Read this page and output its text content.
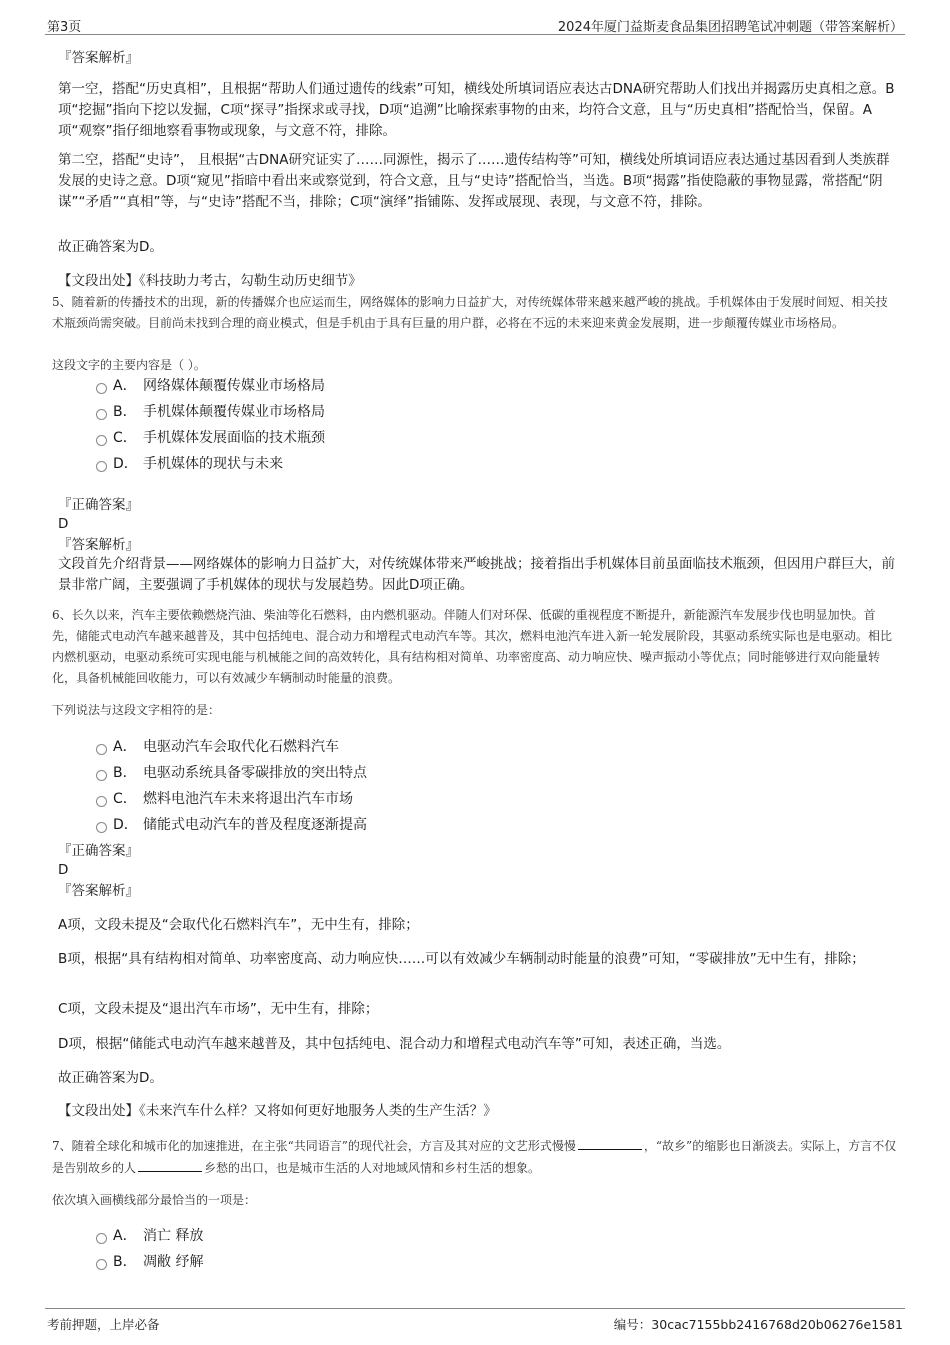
第3页	2024年厦门益斯麦食品集团招聘笔试冲刺题（带答案解析）
『答案解析』
第一空，搭配“历史真相”，且根据“帮助人们通过遗传的线索”可知，横线处所填词语应表达古DNA研究帮助人们找出并揭露历史真相之意。B项“挖掘”指向下挖以发掘，C项“探寻”指探求或寻找，D项“追溯”比喻探索事物的由来，均符合文意，且与“历史真相”搭配恰当，保留。A项“观察”指仔细地察看事物或现象，与文意不符，排除。
第二空，搭配“史诗”， 且根据“古DNA研究证实了……同源性，揭示了……遗传结构等”可知，横线处所填词语应表达通过基因看到人类族群发展的史诗之意。D项“窥见”指暗中看出来或察觉到，符合文意，且与“史诗”搭配恰当，当选。B项“揭露”指使隐蔽的事物显露，常搭配“阴谋”“矛盾”“真相”等，与“史诗”搭配不当，排除；C项“演绎”指铺陈、发挥或展现、表现，与文意不符，排除。
故正确答案为D。
【文段出处】《科技助力考古，勾勒生动历史细节》
5、随着新的传播技术的出现，新的传播媒介也应运而生，网络媒体的影响力日益扩大，对传统媒体带来越来越严峻的挑战。手机媒体由于发展时间短、相关技术瓶颈尚需突破。目前尚未找到合理的商业模式，但是手机由于具有巨量的用户群，必将在不远的未来迎来黄金发展期，进一步颠覆传媒业市场格局。
这段文字的主要内容是（ ）。
A． 网络媒体颠覆传媒业市场格局
B． 手机媒体颠覆传媒业市场格局
C． 手机媒体发展面临的技术瓶颈
D． 手机媒体的现状与未来
『正确答案』
D
『答案解析』
文段首先介绍背景——网络媒体的影响力日益扩大，对传统媒体带来严峻挑战；接着指出手机媒体目前虽面临技术瓶颈，但因用户群巨大，前景非常广阔，主要强调了手机媒体的现状与发展趋势。因此D项正确。
6、长久以来，汽车主要依赖燃烧汽油、柴油等化石燃料，由内燃机驱动。伴随人们对环保、低碳的重视程度不断提升，新能源汽车发展步伐也明显加快。首先，储能式电动汽车越来越普及，其中包括纯电、混合动力和增程式电动汽车等。其次，燃料电池汽车进入新一轮发展阶段，其驱动系统实际也是电驱动。相比内燃机驱动，电驱动系统可实现电能与机械能之间的高效转化，具有结构相对简单、功率密度高、动力响应快、噪声振动小等优点；同时能够进行双向能量转化，具备机械能回收能力，可以有效减少车辆制动时能量的浪费。
下列说法与这段文字相符的是：
A． 电驱动汽车会取代化石燃料汽车
B． 电驱动系统具备零碳排放的突出特点
C． 燃料电池汽车未来将退出汽车市场
D． 储能式电动汽车的普及程度逐渐提高
『正确答案』
D
『答案解析』
A项，文段未提及“会取代化石燃料汽车”，无中生有，排除；
B项，根据“具有结构相对简单、功率密度高、动力响应快……可以有效减少车辆制动时能量的浪费”可知，“零碳排放”无中生有，排除；
C项，文段未提及“退出汽车市场”，无中生有，排除；
D项，根据“储能式电动汽车越来越普及，其中包括纯电、混合动力和增程式电动汽车等”可知，表述正确，当选。
故正确答案为D。
【文段出处】《未来汽车什么样？又将如何更好地服务人类的生产生活？》
7、随着全球化和城市化的加速推进，在主张“共同语言”的现代社会，方言及其对应的文艺形式慢慢	，“故乡”的缩影也日渐淡去。实际上，方言不仅是告别故乡的人	乡愁的出口，也是城市生活的人对地域风情和乡村生活的想象。
依次填入画横线部分最恰当的一项是：
A． 消亡 释放
B． 凋敝 纾解
考前押题，上岸必备	编号：30cac7155bb2416768d20b06276e1581
